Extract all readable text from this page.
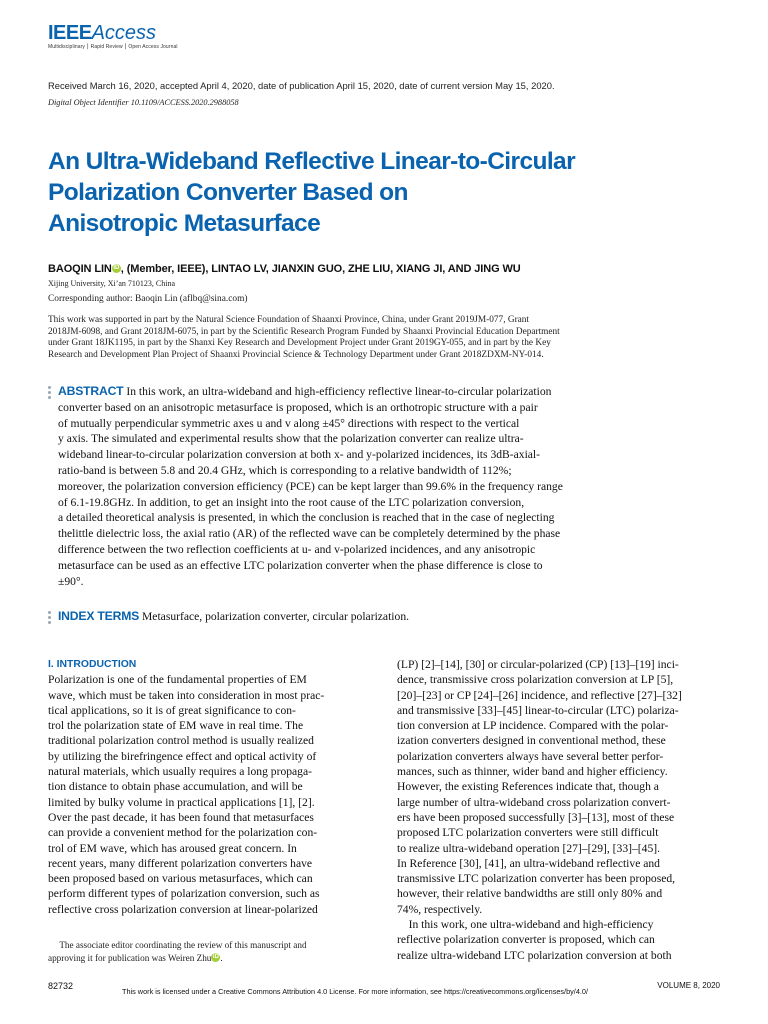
IEEEAccess
Multidisciplinary ⎮ Rapid Review ⎮ Open Access Journal
Received March 16, 2020, accepted April 4, 2020, date of publication April 15, 2020, date of current version May 15, 2020.
Digital Object Identifier 10.1109/ACCESS.2020.2988058
An Ultra-Wideband Reflective Linear-to-Circular
Polarization Converter Based on
Anisotropic Metasurface
BAOQIN LIN iD , (Member, IEEE), LINTAO LV, JIANXIN GUO, ZHE LIU, XIANG JI, AND JING WU
Xijing University, Xi’an 710123, China
Corresponding author: Baoqin Lin (aflbq@sina.com)
This work was supported in part by the Natural Science Foundation of Shaanxi Province, China, under Grant 2019JM-077, Grant
2018JM-6098, and Grant 2018JM-6075, in part by the Scientific Research Program Funded by Shaanxi Provincial Education Department
under Grant 18JK1195, in part by the Shanxi Key Research and Development Project under Grant 2019GY-055, and in part by the Key
Research and Development Plan Project of Shaanxi Provincial Science & Technology Department under Grant 2018ZDXM-NY-014.
ABSTRACT In this work, an ultra-wideband and high-efficiency reflective linear-to-circular polarization
converter based on an anisotropic metasurface is proposed, which is an orthotropic structure with a pair
of mutually perpendicular symmetric axes u and v along ±45° directions with respect to the vertical
y axis. The simulated and experimental results show that the polarization converter can realize ultra-
wideband linear-to-circular polarization conversion at both x- and y-polarized incidences, its 3dB-axial-
ratio-band is between 5.8 and 20.4 GHz, which is corresponding to a relative bandwidth of 112%;
moreover, the polarization conversion efficiency (PCE) can be kept larger than 99.6% in the frequency range
of 6.1-19.8GHz. In addition, to get an insight into the root cause of the LTC polarization conversion,
a detailed theoretical analysis is presented, in which the conclusion is reached that in the case of neglecting
thelittle dielectric loss, the axial ratio (AR) of the reflected wave can be completely determined by the phase
difference between the two reflection coefficients at u- and v-polarized incidences, and any anisotropic
metasurface can be used as an effective LTC polarization converter when the phase difference is close to
±90°.
INDEX TERMS Metasurface, polarization converter, circular polarization.
I. INTRODUCTION
Polarization is one of the fundamental properties of EM
wave, which must be taken into consideration in most prac-
tical applications, so it is of great significance to con-
trol the polarization state of EM wave in real time. The
traditional polarization control method is usually realized
by utilizing the birefringence effect and optical activity of
natural materials, which usually requires a long propaga-
tion distance to obtain phase accumulation, and will be
limited by bulky volume in practical applications [1], [2].
Over the past decade, it has been found that metasurfaces
can provide a convenient method for the polarization con-
trol of EM wave, which has aroused great concern. In
recent years, many different polarization converters have
been proposed based on various metasurfaces, which can
perform different types of polarization conversion, such as
reflective cross polarization conversion at linear-polarized
(LP) [2]–[14], [30] or circular-polarized (CP) [13]–[19] inci-
dence, transmissive cross polarization conversion at LP [5],
[20]–[23] or CP [24]–[26] incidence, and reflective [27]–[32]
and transmissive [33]–[45] linear-to-circular (LTC) polariza-
tion conversion at LP incidence. Compared with the polar-
ization converters designed in conventional method, these
polarization converters always have several better perfor-
mances, such as thinner, wider band and higher efficiency.
However, the existing References indicate that, though a
large number of ultra-wideband cross polarization convert-
ers have been proposed successfully [3]–[13], most of these
proposed LTC polarization converters were still difficult
to realize ultra-wideband operation [27]–[29], [33]–[45].
In Reference [30], [41], an ultra-wideband reflective and
transmissive LTC polarization converter has been proposed,
however, their relative bandwidths are still only 80% and
74%, respectively.
In this work, one ultra-wideband and high-efficiency
reflective polarization converter is proposed, which can
realize ultra-wideband LTC polarization conversion at both
The associate editor coordinating the review of this manuscript and
approving it for publication was Weiren Zhu iD .
82732
This work is licensed under a Creative Commons Attribution 4.0 License. For more information, see https://creativecommons.org/licenses/by/4.0/
VOLUME 8, 2020
